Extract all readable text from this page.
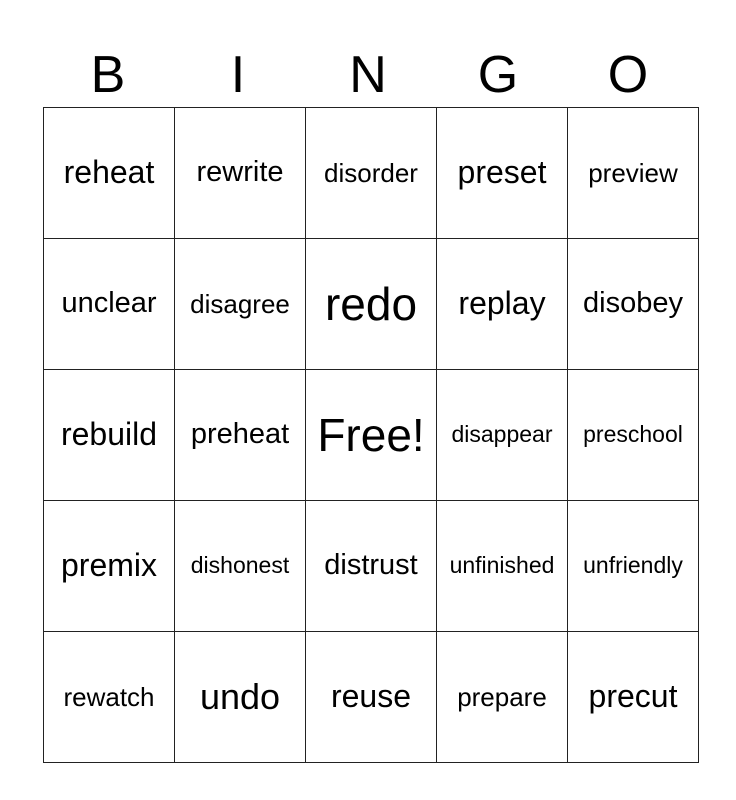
B	I	N	G	O
reheat	rewrite	disorder	preset	preview
unclear	disagree	redo	replay	disobey
rebuild	preheat	Free!	disappear	preschool
premix	dishonest	distrust	unfinished	unfriendly
rewatch	undo	reuse	prepare	precut
